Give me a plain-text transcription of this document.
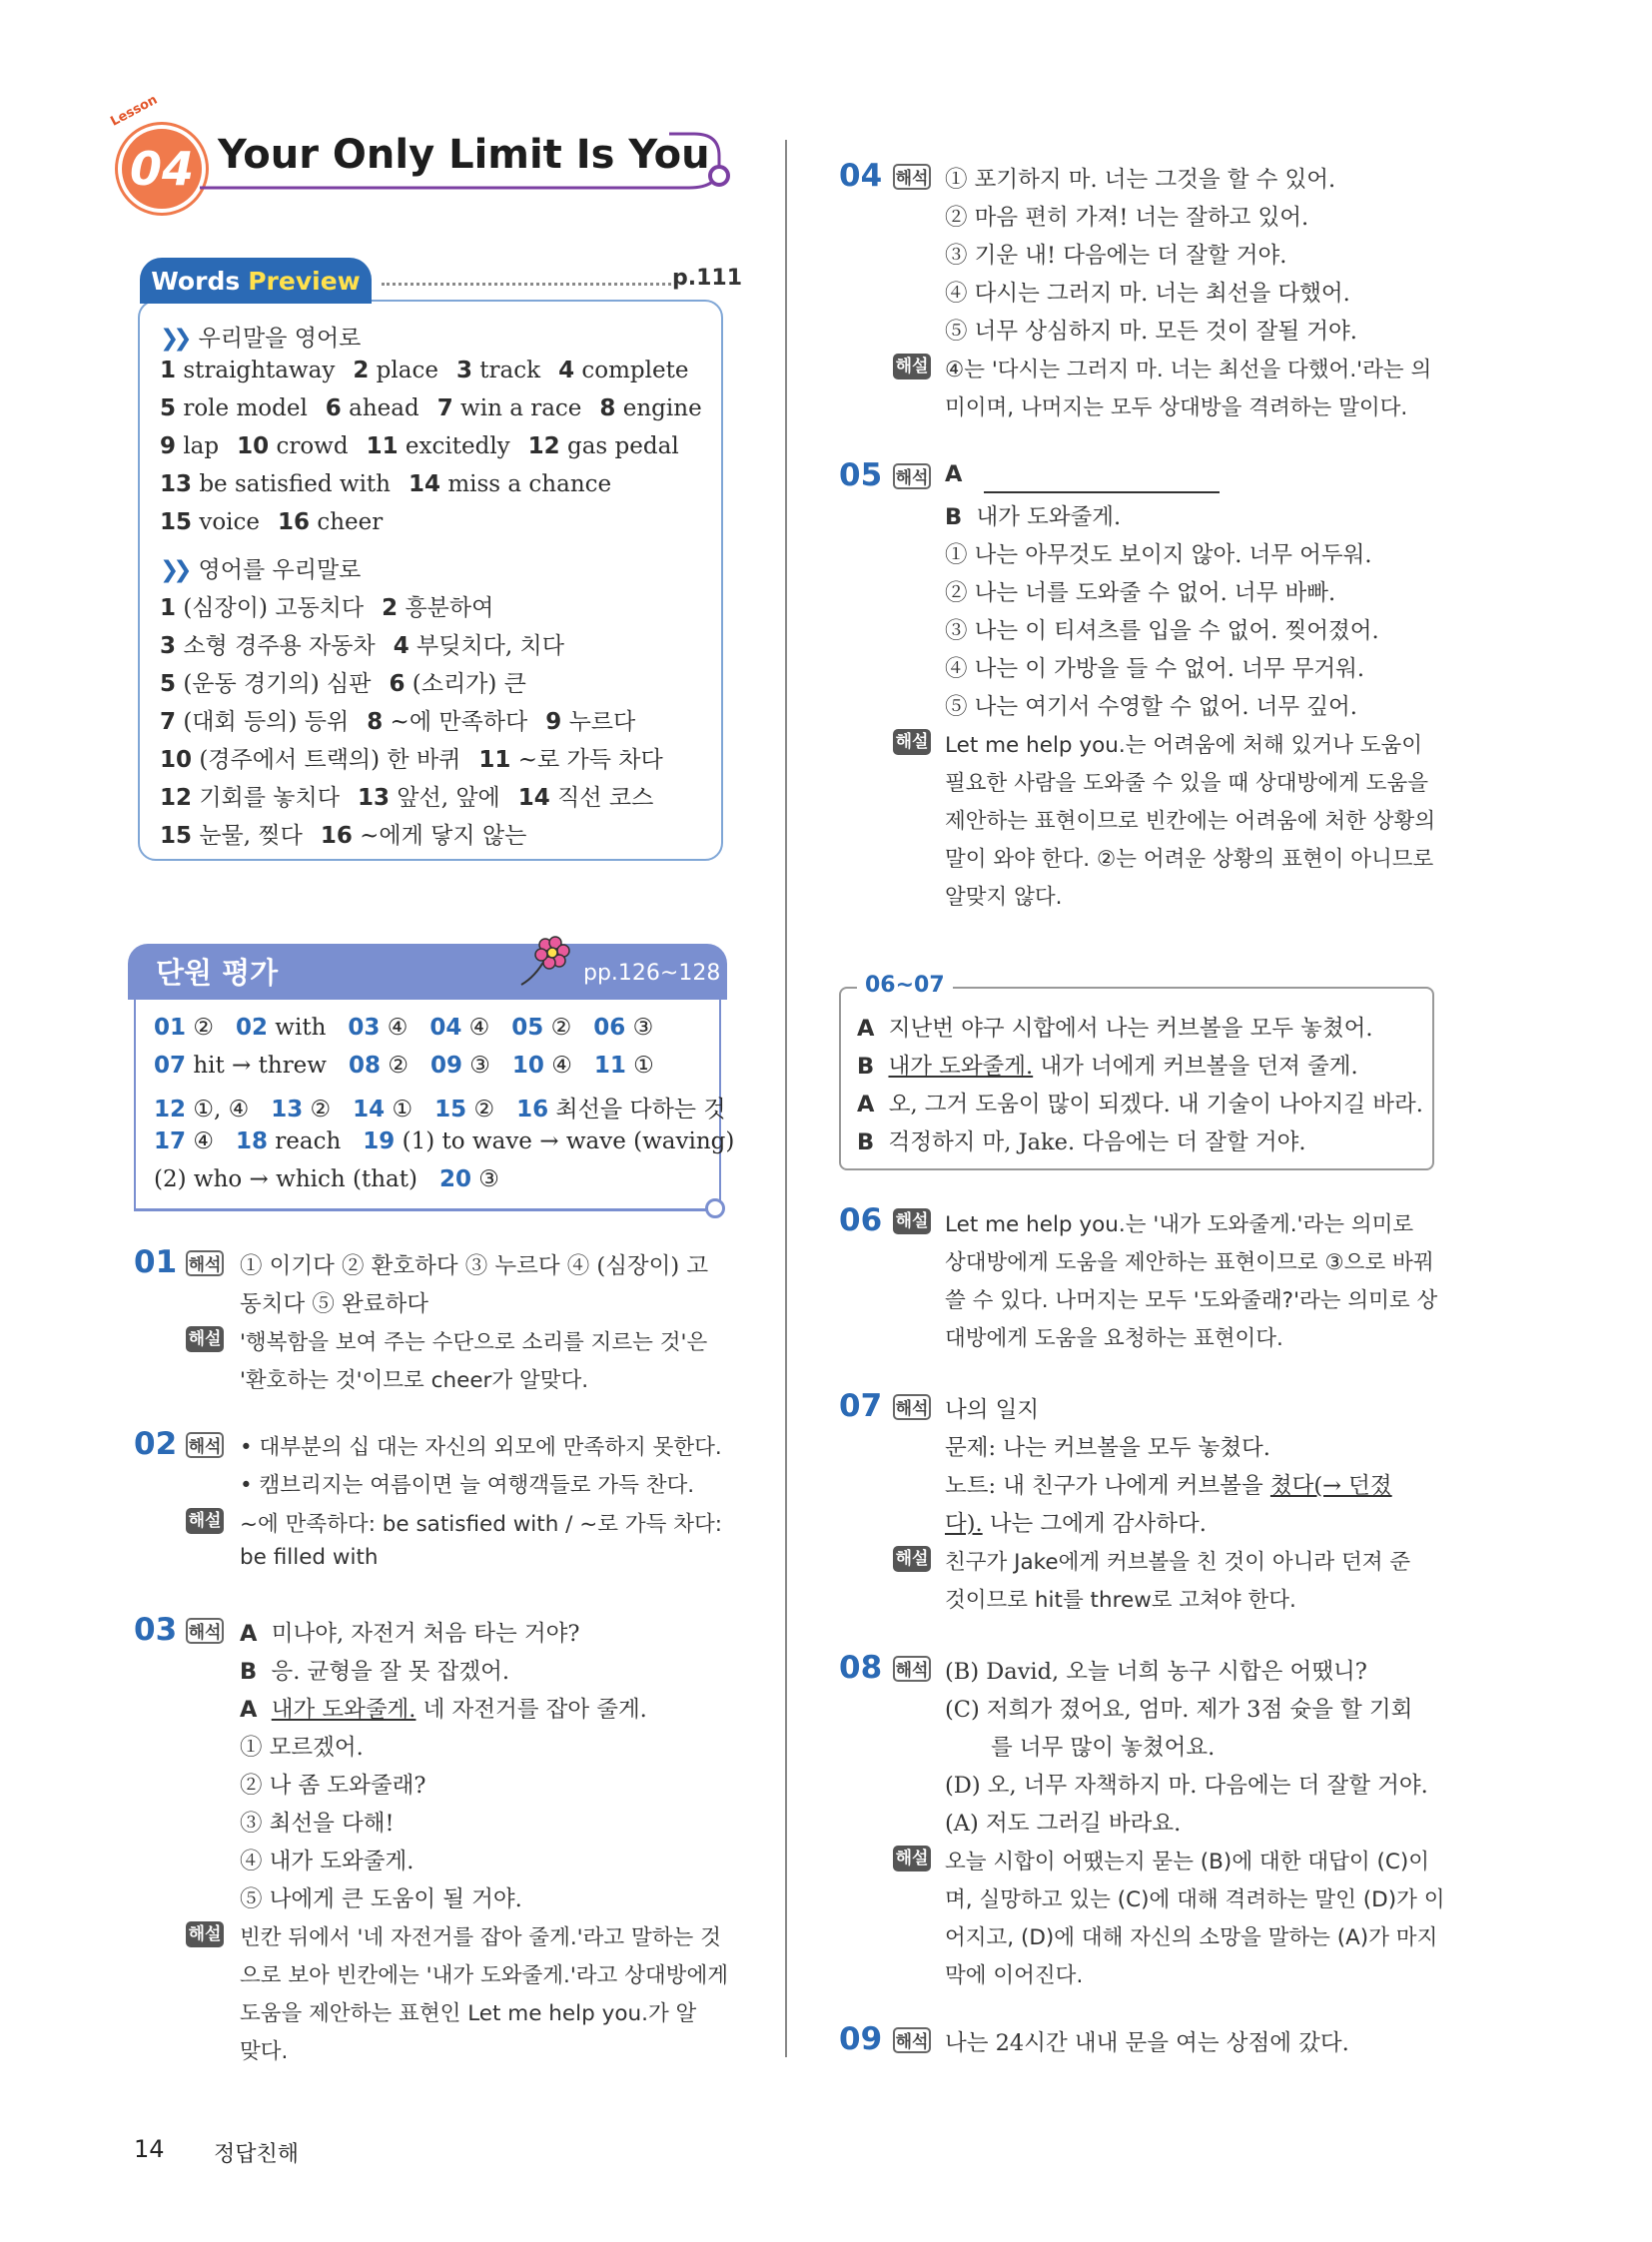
Lesson
04 Your Only Limit Is You
Words Preview	p.111
❯❯ 우리말을 영어로
1 straightaway 2 place 3 track 4 complete
5 role model 6 ahead 7 win a race 8 engine
9 lap 10 crowd 11 excitedly 12 gas pedal
13 be satisfied with 14 miss a chance
15 voice 16 cheer
❯❯ 영어를 우리말로
1 (심장이) 고동치다 2 흥분하여
3 소형 경주용 자동차 4 부딪치다, 치다
5 (운동 경기의) 심판 6 (소리가) 큰
7 (대회 등의) 등위 8 ~에 만족하다 9 누르다
10 (경주에서 트랙의) 한 바퀴 11 ~로 가득 차다
12 기회를 놓치다 13 앞선, 앞에 14 직선 코스
15 눈물, 찢다 16 ~에게 닿지 않는
단원 평가	pp.126~128
01 ② 02 with 03 ④ 04 ④ 05 ② 06 ③
07 hit → threw 08 ② 09 ③ 10 ④ 11 ①
12 ①, ④ 13 ② 14 ① 15 ② 16 최선을 다하는 것
17 ④ 18 reach 19 (1) to wave → wave (waving)
(2) who → which (that) 20 ③
01 해석 ① 이기다 ② 환호하다 ③ 누르다 ④ (심장이) 고
동치다 ⑤ 완료하다
해설 '행복함을 보여 주는 수단으로 소리를 지르는 것'은
'환호하는 것'이므로 cheer가 알맞다.
02 해석 • 대부분의 십 대는 자신의 외모에 만족하지 못한다.
• 캠브리지는 여름이면 늘 여행객들로 가득 찬다.
해설 ~에 만족하다: be satisfied with / ~로 가득 차다:
be filled with
03 해석 A 미나야, 자전거 처음 타는 거야?
B 응. 균형을 잘 못 잡겠어.
A 내가 도와줄게. 네 자전거를 잡아 줄게.
① 모르겠어.
② 나 좀 도와줄래?
③ 최선을 다해!
④ 내가 도와줄게.
⑤ 나에게 큰 도움이 될 거야.
해설 빈칸 뒤에서 '네 자전거를 잡아 줄게.'라고 말하는 것
으로 보아 빈칸에는 '내가 도와줄게.'라고 상대방에게
도움을 제안하는 표현인 Let me help you.가 알
맞다.
04 해석 ① 포기하지 마. 너는 그것을 할 수 있어.
② 마음 편히 가져! 너는 잘하고 있어.
③ 기운 내! 다음에는 더 잘할 거야.
④ 다시는 그러지 마. 너는 최선을 다했어.
⑤ 너무 상심하지 마. 모든 것이 잘될 거야.
해설 ④는 '다시는 그러지 마. 너는 최선을 다했어.'라는 의
미이며, 나머지는 모두 상대방을 격려하는 말이다.
05 해석 A
B 내가 도와줄게.
① 나는 아무것도 보이지 않아. 너무 어두워.
② 나는 너를 도와줄 수 없어. 너무 바빠.
③ 나는 이 티셔츠를 입을 수 없어. 찢어졌어.
④ 나는 이 가방을 들 수 없어. 너무 무거워.
⑤ 나는 여기서 수영할 수 없어. 너무 깊어.
해설 Let me help you.는 어려움에 처해 있거나 도움이
필요한 사람을 도와줄 수 있을 때 상대방에게 도움을
제안하는 표현이므로 빈칸에는 어려움에 처한 상황의
말이 와야 한다. ②는 어려운 상황의 표현이 아니므로
알맞지 않다.
06~07
A 지난번 야구 시합에서 나는 커브볼을 모두 놓쳤어.
B 내가 도와줄게. 내가 너에게 커브볼을 던져 줄게.
A 오, 그거 도움이 많이 되겠다. 내 기술이 나아지길 바라.
B 걱정하지 마, Jake. 다음에는 더 잘할 거야.
06 해설 Let me help you.는 '내가 도와줄게.'라는 의미로
상대방에게 도움을 제안하는 표현이므로 ③으로 바꿔
쓸 수 있다. 나머지는 모두 '도와줄래?'라는 의미로 상
대방에게 도움을 요청하는 표현이다.
07 해석 나의 일지
문제: 나는 커브볼을 모두 놓쳤다.
노트: 내 친구가 나에게 커브볼을 쳤다(→ 던졌
다). 나는 그에게 감사하다.
해설 친구가 Jake에게 커브볼을 친 것이 아니라 던져 준
것이므로 hit를 threw로 고쳐야 한다.
08 해석 (B) David, 오늘 너희 농구 시합은 어땠니?
(C) 저희가 졌어요, 엄마. 제가 3점 슛을 할 기회
를 너무 많이 놓쳤어요.
(D) 오, 너무 자책하지 마. 다음에는 더 잘할 거야.
(A) 저도 그러길 바라요.
해설 오늘 시합이 어땠는지 묻는 (B)에 대한 대답이 (C)이
며, 실망하고 있는 (C)에 대해 격려하는 말인 (D)가 이
어지고, (D)에 대해 자신의 소망을 말하는 (A)가 마지
막에 이어진다.
09 해석 나는 24시간 내내 문을 여는 상점에 갔다.
14 정답친해
